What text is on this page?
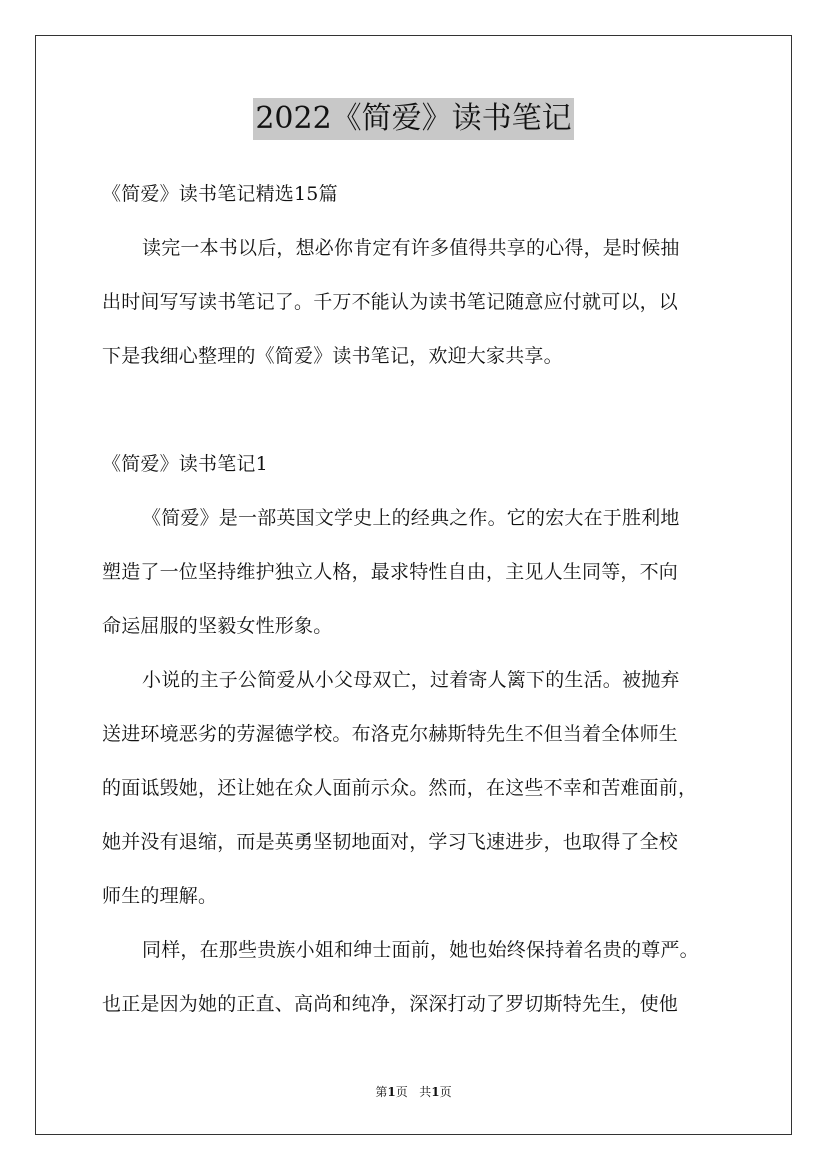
2022《简爱》读书笔记
《简爱》读书笔记精选15篇
读完一本书以后，想必你肯定有许多值得共享的心得，是时候抽
出时间写写读书笔记了。千万不能认为读书笔记随意应付就可以，以
下是我细心整理的《简爱》读书笔记，欢迎大家共享。
《简爱》读书笔记1
《简爱》是一部英国文学史上的经典之作。它的宏大在于胜利地
塑造了一位坚持维护独立人格，最求特性自由，主见人生同等，不向
命运屈服的坚毅女性形象。
小说的主子公简爱从小父母双亡，过着寄人篱下的生活。被抛弃
送进环境恶劣的劳渥德学校。布洛克尔赫斯特先生不但当着全体师生
的面诋毁她，还让她在众人面前示众。然而，在这些不幸和苦难面前，
她并没有退缩，而是英勇坚韧地面对，学习飞速进步，也取得了全校
师生的理解。
同样，在那些贵族小姐和绅士面前，她也始终保持着名贵的尊严。
也正是因为她的正直、高尚和纯净，深深打动了罗切斯特先生，使他
第1页 共1页
